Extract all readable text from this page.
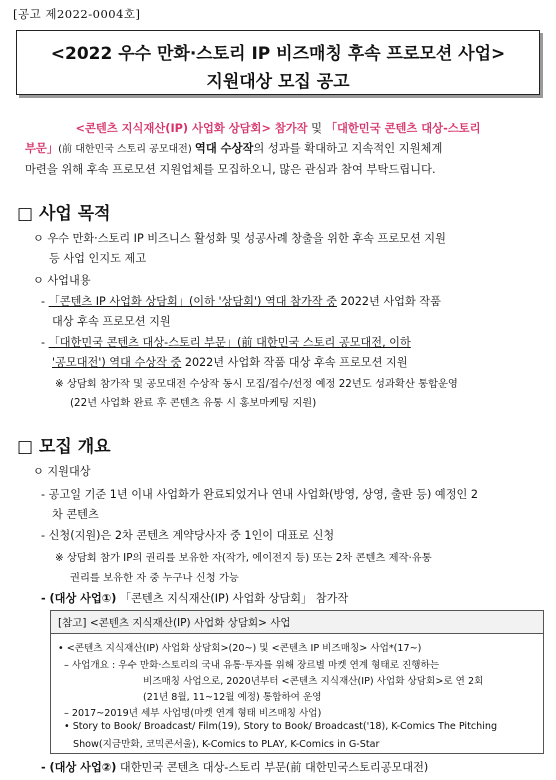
[공고 제2022-0004호]
<2022 우수 만화·스토리 IP 비즈매칭 후속 프로모션 사업>
지원대상 모집 공고

<콘텐츠 지식재산(IP) 사업화 상담회> 참가작 및 「대한민국 콘텐츠 대상-스토리

부문」(前 대한민국 스토리 공모대전) 역대 수상작의 성과를 확대하고 지속적인 지원체계

마련을 위해 후속 프로모션 지원업체를 모집하오니, 많은 관심과 참여 부탁드립니다.

□ 사업 목적
ㅇ 우수 만화·스토리 IP 비즈니스 활성화 및 성공사례 창출을 위한 후속 프로모션 지원
등 사업 인지도 제고
ㅇ 사업내용
- 「콘텐츠 IP 사업화 상담회」(이하 '상담회') 역대 참가작 중 2022년 사업화 작품
대상 후속 프로모션 지원
- 「대한민국 콘텐츠 대상-스토리 부문」(前 대한민국 스토리 공모대전, 이하
'공모대전') 역대 수상작 중 2022년 사업화 작품 대상 후속 프로모션 지원
※ 상담회 참가작 및 공모대전 수상작 동시 모집/접수/선정 예정 22년도 성과확산 통합운영
(22년 사업화 완료 후 콘텐츠 유통 시 홍보마케팅 지원)
□ 모집 개요
ㅇ 지원대상
- 공고일 기준 1년 이내 사업화가 완료되었거나 연내 사업화(방영, 상영, 출판 등) 예정인 2
차 콘텐츠
- 신청(지원)은 2차 콘텐츠 계약당사자 중 1인이 대표로 신청
※ 상담회 참가 IP의 권리를 보유한 자(작가, 에이전지 등) 또는 2차 콘텐츠 제작·유통
권리를 보유한 자 중 누구나 신청 가능
- (대상 사업①) 「콘텐츠 지식재산(IP) 사업화 상담회」 참가작
[참고] <콘텐츠 지식재산(IP) 사업화 상담회> 사업
• <콘텐츠 지식재산(IP) 사업화 상담회>(20~) 및 <콘텐츠 IP 비즈매칭> 사업*(17~)
– 사업개요 : 우수 만화·스토리의 국내 유통·투자를 위해 장르별 마켓 연계 형태로 진행하는
비즈매칭 사업으로, 2020년부터 <콘텐츠 지식재산(IP) 사업화 상담회>로 연 2회
(21년 8월, 11~12월 예정) 통합하여 운영
– 2017~2019년 세부 사업명(마켓 연계 형태 비즈매칭 사업)
• Story to Book/ Broadcast/ Film(19), Story to Book/ Broadcast('18), K-Comics The Pitching
Show(지금만화, 코믹콘서울), K-Comics to PLAY, K-Comics in G-Star
- (대상 사업②) 대한민국 콘텐츠 대상-스토리 부문(前 대한민국스토리공모대전)
